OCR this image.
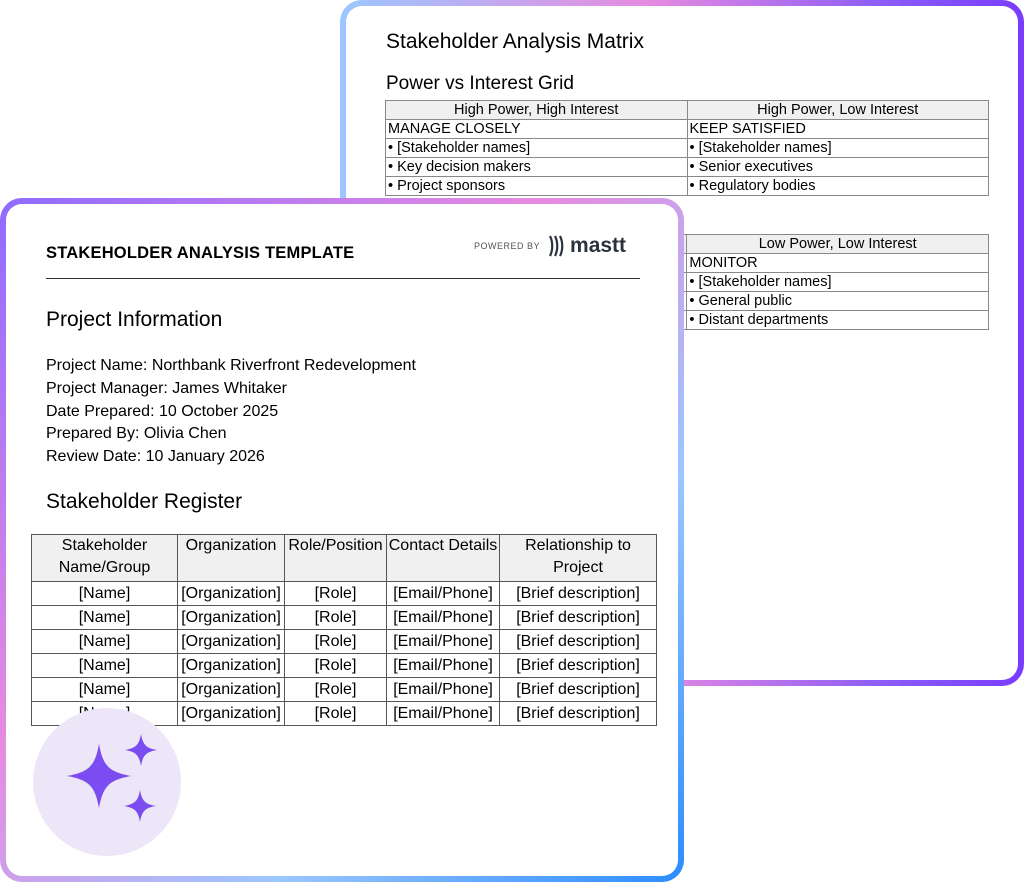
Stakeholder Analysis Matrix
Power vs Interest Grid
High Power, High Interest	High Power, Low Interest
MANAGE CLOSELY	KEEP SATISFIED
• [Stakeholder names]	• [Stakeholder names]
• Key decision makers	• Senior executives
• Project sponsors	• Regulatory bodies
	Low Power, Low Interest
	MONITOR
	• [Stakeholder names]
	• General public
	• Distant departments
STAKEHOLDER ANALYSIS TEMPLATE	POWERED BY mastt
Project Information
Project Name: Northbank Riverfront Redevelopment
Project Manager: James Whitaker
Date Prepared: 10 October 2025
Prepared By: Olivia Chen
Review Date: 10 January 2026
Stakeholder Register
Stakeholder Name/Group	Organization	Role/Position	Contact Details	Relationship to Project
[Name]	[Organization]	[Role]	[Email/Phone]	[Brief description]
[Name]	[Organization]	[Role]	[Email/Phone]	[Brief description]
[Name]	[Organization]	[Role]	[Email/Phone]	[Brief description]
[Name]	[Organization]	[Role]	[Email/Phone]	[Brief description]
[Name]	[Organization]	[Role]	[Email/Phone]	[Brief description]
	[Organization]	[Role]	[Email/Phone]	[Brief description]
